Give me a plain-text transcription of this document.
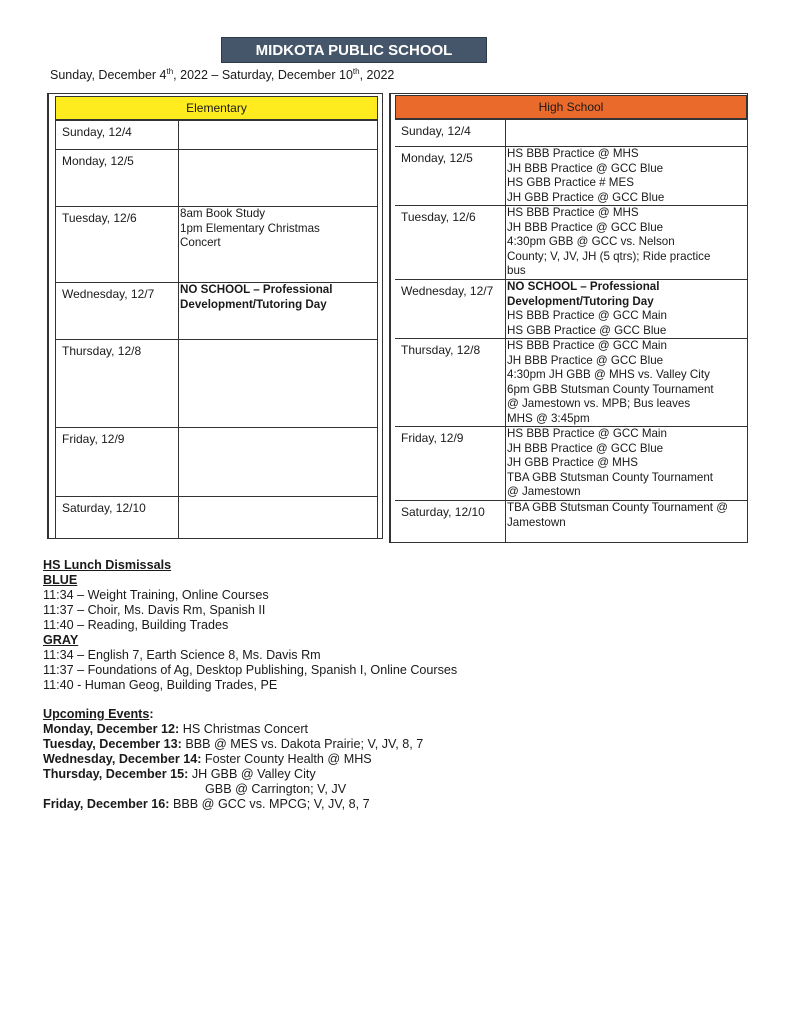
MIDKOTA PUBLIC SCHOOL
Sunday, December 4th, 2022 – Saturday, December 10th, 2022
Elementary
Sunday, 12/4
Monday, 12/5
Tuesday, 12/6	8am Book Study
1pm Elementary Christmas
Concert
Wednesday, 12/7	NO SCHOOL – Professional
Development/Tutoring Day
Thursday, 12/8
Friday, 12/9
Saturday, 12/10
High School
Sunday, 12/4
Monday, 12/5	HS BBB Practice @ MHS
JH BBB Practice @ GCC Blue
HS GBB Practice # MES
JH GBB Practice @ GCC Blue
Tuesday, 12/6	HS BBB Practice @ MHS
JH BBB Practice @ GCC Blue
4:30pm GBB @ GCC vs. Nelson
County; V, JV, JH (5 qtrs); Ride practice
bus
Wednesday, 12/7	NO SCHOOL – Professional
Development/Tutoring Day
HS BBB Practice @ GCC Main
HS GBB Practice @ GCC Blue
Thursday, 12/8	HS BBB Practice @ GCC Main
JH BBB Practice @ GCC Blue
4:30pm JH GBB @ MHS vs. Valley City
6pm GBB Stutsman County Tournament
@ Jamestown vs. MPB; Bus leaves
MHS @ 3:45pm
Friday, 12/9	HS BBB Practice @ GCC Main
JH BBB Practice @ GCC Blue
JH GBB Practice @ MHS
TBA GBB Stutsman County Tournament
@ Jamestown
Saturday, 12/10	TBA GBB Stutsman County Tournament @
Jamestown
HS Lunch Dismissals
BLUE
11:34 – Weight Training, Online Courses
11:37 – Choir, Ms. Davis Rm, Spanish II
11:40 – Reading, Building Trades
GRAY
11:34 – English 7, Earth Science 8, Ms. Davis Rm
11:37 – Foundations of Ag, Desktop Publishing, Spanish I, Online Courses
11:40 - Human Geog, Building Trades, PE
Upcoming Events:
Monday, December 12: HS Christmas Concert
Tuesday, December 13: BBB @ MES vs. Dakota Prairie; V, JV, 8, 7
Wednesday, December 14: Foster County Health @ MHS
Thursday, December 15: JH GBB @ Valley City
GBB @ Carrington; V, JV
Friday, December 16: BBB @ GCC vs. MPCG; V, JV, 8, 7
